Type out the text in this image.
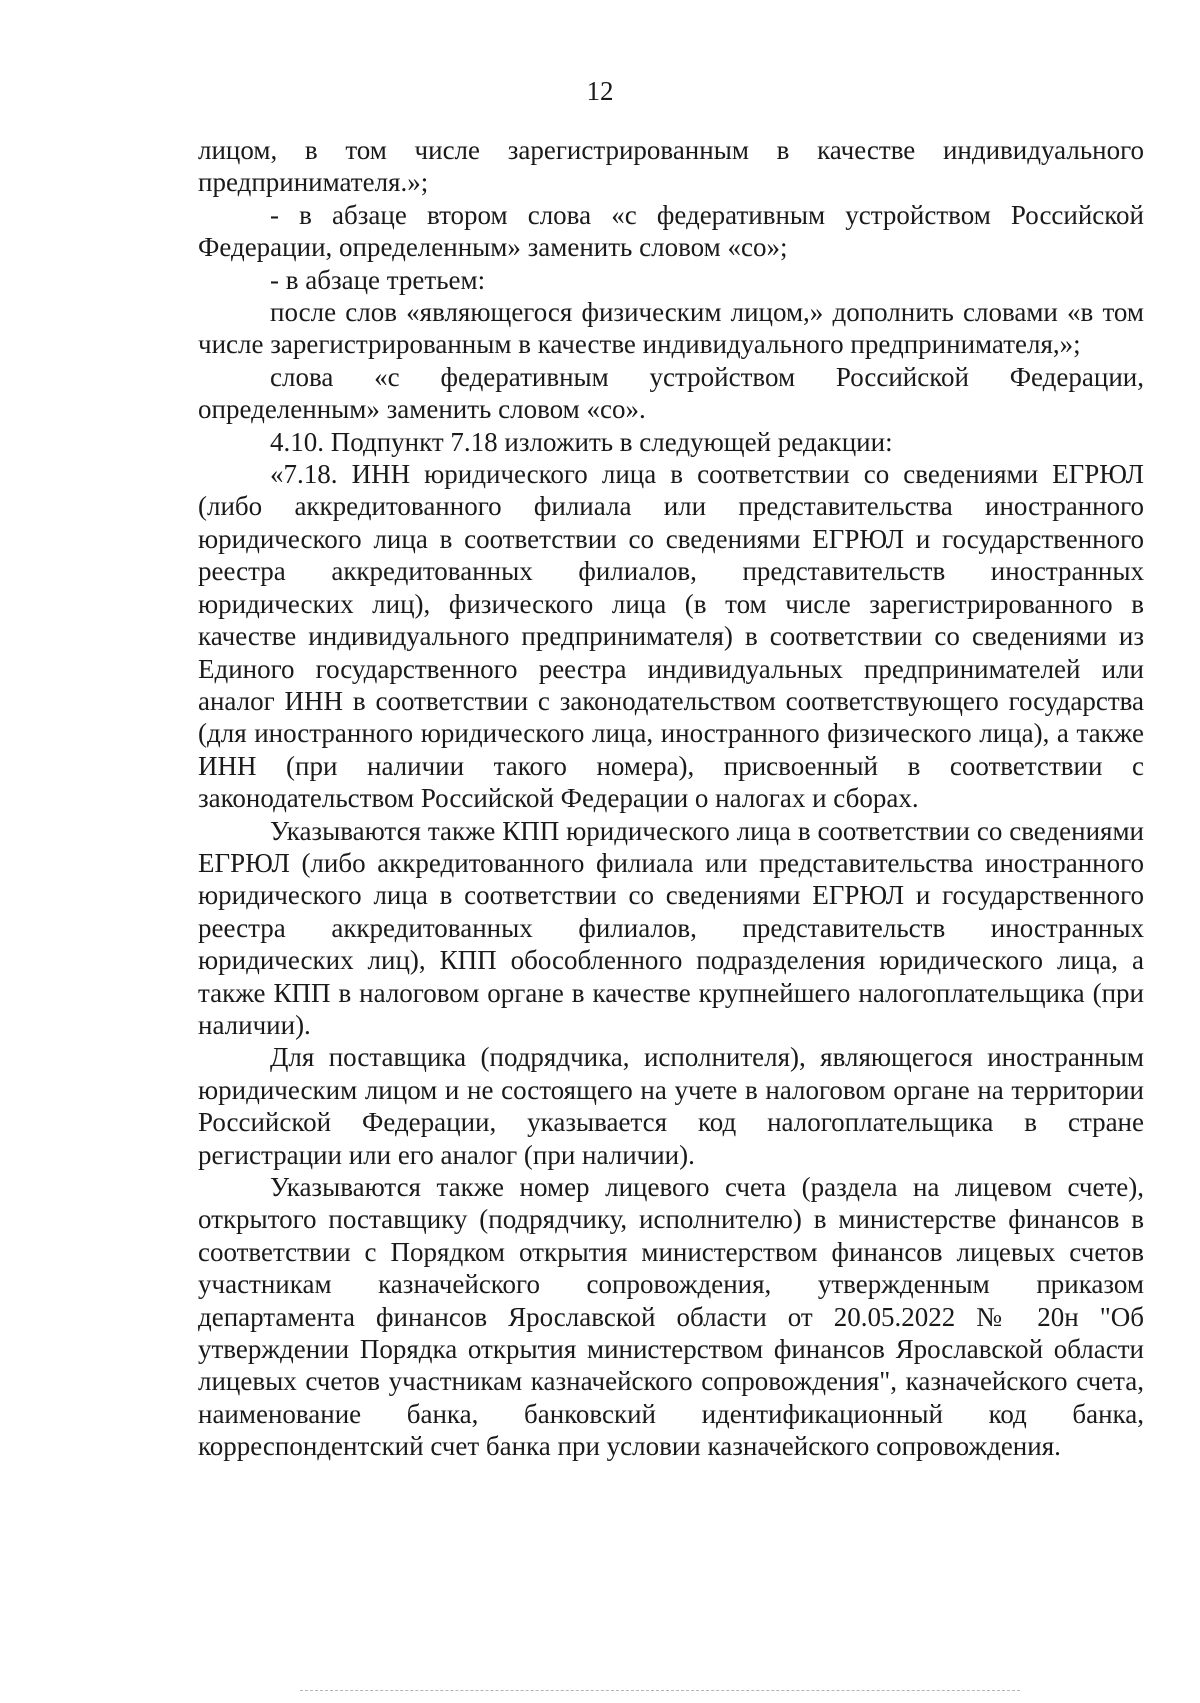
12

лицом, в том числе зарегистрированным в качестве индивидуального предпринимателя.»;

- в абзаце втором слова «с федеративным устройством Российской Федерации, определенным» заменить словом «со»;

- в абзаце третьем:

после слов «являющегося физическим лицом,» дополнить словами «в том числе зарегистрированным в качестве индивидуального предпринимателя,»;

слова «с федеративным устройством Российской Федерации, определенным» заменить словом «со».

4.10. Подпункт 7.18 изложить в следующей редакции:

«7.18. ИНН юридического лица в соответствии со сведениями ЕГРЮЛ (либо аккредитованного филиала или представительства иностранного юридического лица в соответствии со сведениями ЕГРЮЛ и государственного реестра аккредитованных филиалов, представительств иностранных юридических лиц), физического лица (в том числе зарегистрированного в качестве индивидуального предпринимателя) в соответствии со сведениями из Единого государственного реестра индивидуальных предпринимателей или аналог ИНН в соответствии с законодательством соответствующего государства (для иностранного юридического лица, иностранного физического лица), а также ИНН (при наличии такого номера), присвоенный в соответствии с законодательством Российской Федерации о налогах и сборах.

Указываются также КПП юридического лица в соответствии со сведениями ЕГРЮЛ (либо аккредитованного филиала или представительства иностранного юридического лица в соответствии со сведениями ЕГРЮЛ и государственного реестра аккредитованных филиалов, представительств иностранных юридических лиц), КПП обособленного подразделения юридического лица, а также КПП в налоговом органе в качестве крупнейшего налогоплательщика (при наличии).

Для поставщика (подрядчика, исполнителя), являющегося иностранным юридическим лицом и не состоящего на учете в налоговом органе на территории Российской Федерации, указывается код налогоплательщика в стране регистрации или его аналог (при наличии).

Указываются также номер лицевого счета (раздела на лицевом счете), открытого поставщику (подрядчику, исполнителю) в министерстве финансов в соответствии с Порядком открытия министерством финансов лицевых счетов участникам казначейского сопровождения, утвержденным приказом департамента финансов Ярославской области от 20.05.2022 № 20н "Об утверждении Порядка открытия министерством финансов Ярославской области лицевых счетов участникам казначейского сопровождения", казначейского счета, наименование банка, банковский идентификационный код банка, корреспондентский счет банка при условии казначейского сопровождения.
